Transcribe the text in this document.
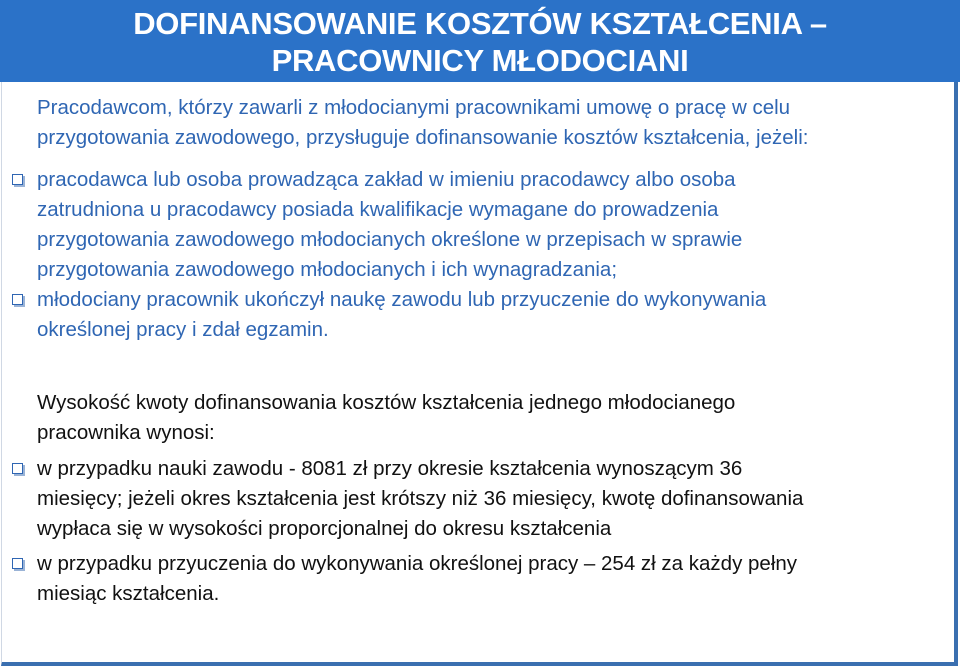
DOFINANSOWANIE KOSZTÓW KSZTAŁCENIA –
PRACOWNICY MŁODOCIANI
Pracodawcom, którzy zawarli z młodocianymi pracownikami umowę o pracę w celu
przygotowania zawodowego, przysługuje dofinansowanie kosztów kształcenia, jeżeli:
pracodawca lub osoba prowadząca zakład w imieniu pracodawcy albo osoba
zatrudniona u pracodawcy posiada kwalifikacje wymagane do prowadzenia
przygotowania zawodowego młodocianych określone w przepisach w sprawie
przygotowania zawodowego młodocianych i ich wynagradzania;
młodociany pracownik ukończył naukę zawodu lub przyuczenie do wykonywania
określonej pracy i zdał egzamin.
Wysokość kwoty dofinansowania kosztów kształcenia jednego młodocianego
pracownika wynosi:
w przypadku nauki zawodu - 8081 zł przy okresie kształcenia wynoszącym 36
miesięcy; jeżeli okres kształcenia jest krótszy niż 36 miesięcy, kwotę dofinansowania
wypłaca się w wysokości proporcjonalnej do okresu kształcenia
w przypadku przyuczenia do wykonywania określonej pracy – 254 zł za każdy pełny
miesiąc kształcenia.
